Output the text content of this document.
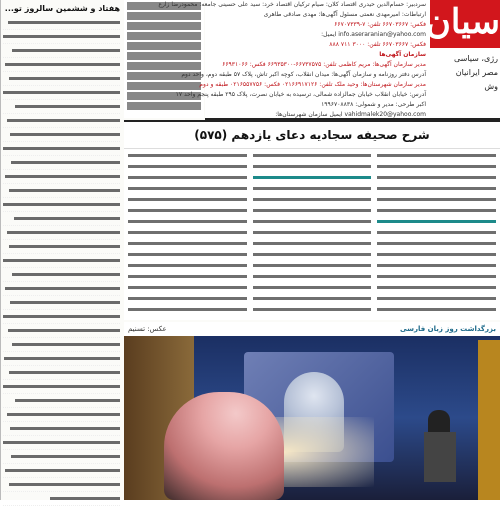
هفتاد و ششمین سالروز تو...	سیان
رژی، سیاسی
مصر ایرانیان
وش
سردبیر: حسام‌الدین حیدری اقتصاد کلان: صیام ترکیان اقتصاد خرد: سید علی حسینی جامعه: محمودرضا زارع
ارتباطات: امیرمهدی نعمتی مسئول آگهی‌ها: مهدی صادقی طاهری
فکس: ۶۶۷۰۳۶۶۷ تلفن: ۷-۶۶۷۰۷۳۳۹
info.aseraranian@yahoo.com ایمیل:
فکس: ۶۶۷۰۳۶۶۷ تلفن: ۳۰۰۰ ۷۱۱ ۸۸۸
سازمان آگهی‌ها
مدیر سازمان آگهی‌ها: مریم کاظمی تلفن: ۶۶۷۳۷۵۷۵-۶۶۹۳۵۳۰۰ فکس: ۶۶۹۳۱۰۶۶
آدرس دفتر روزنامه و سازمان آگهی‌ها: میدان انقلاب، کوچه اکبر تاش، پلاک ۵۷ طبقه دوم، واحد دوم
مدیر سازمان شهرستان‌ها: وحید ملک تلفن: ۰۲۱۶۶۹۱۷۱۲۶ فکس: ۰۲۱۶۵۵۷۷۵۶ طبقه و دوم
آدرس: خیابان انقلاب خیابان جمالزاده شمالی، ترسیده به خیابان نصرت، پلاک ۲۹۵ طبقه پنجم واحد ۱۷
اکبر طرحی: مدیر و شمولی: ۱۹۹۶۷۰۸۸۳۸
vahidmalek20@yahoo.com ایمیل سازمان شهرستان‌ها:
شرح صحیفه سجادیه دعای یازدهم (۵۷۵)
بزرگداشت روز زبان فارسی
عکس: تسنیم
